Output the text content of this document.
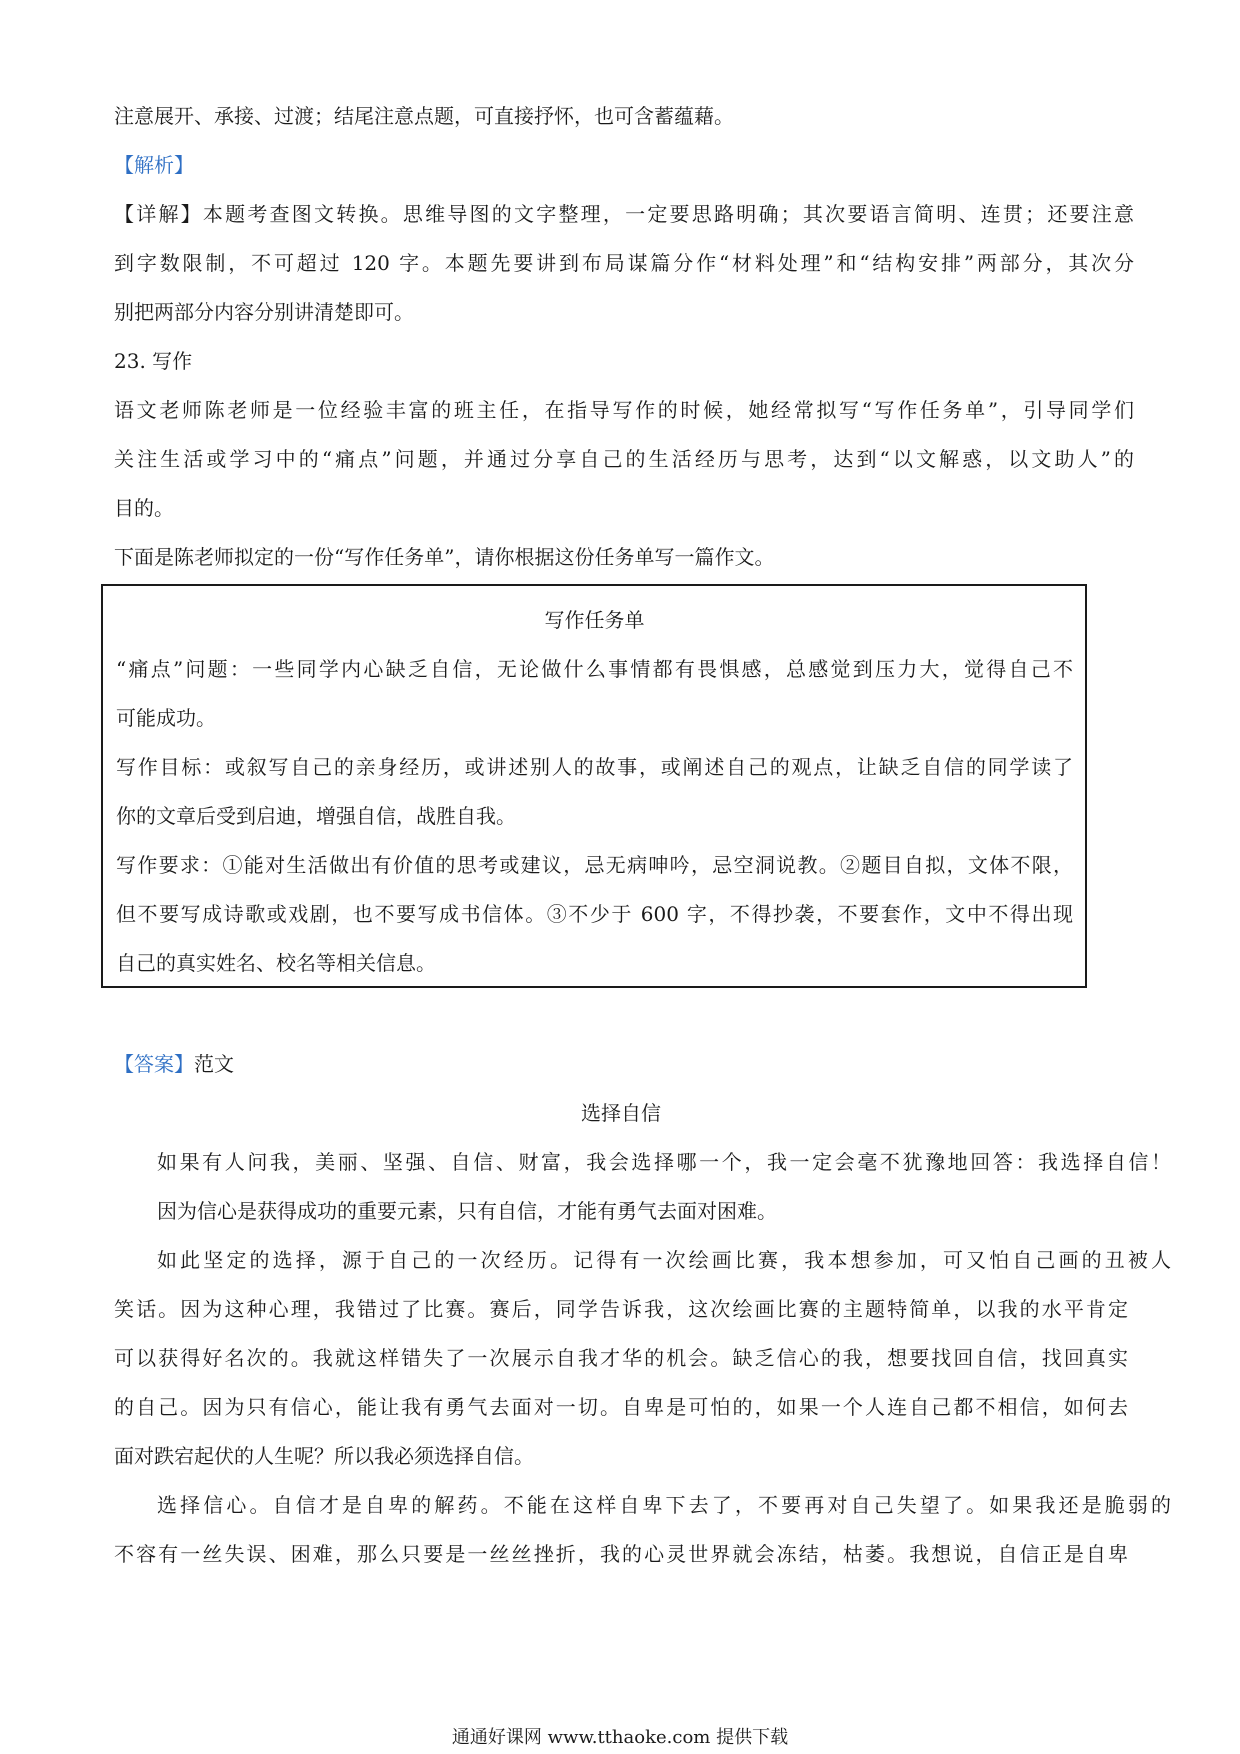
注意展开、承接、过渡；结尾注意点题，可直接抒怀，也可含蓄蕴藉。

【解析】

【详解】本题考查图文转换。思维导图的文字整理，一定要思路明确；其次要语言简明、连贯；还要注意

到字数限制，不可超过 120 字。本题先要讲到布局谋篇分作“材料处理”和“结构安排”两部分，其次分

别把两部分内容分别讲清楚即可。

23. 写作

语文老师陈老师是一位经验丰富的班主任，在指导写作的时候，她经常拟写“写作任务单”，引导同学们

关注生活或学习中的“痛点”问题，并通过分享自己的生活经历与思考，达到“以文解惑，以文助人”的

目的。

下面是陈老师拟定的一份“写作任务单”，请你根据这份任务单写一篇作文。

写作任务单

“痛点”问题：一些同学内心缺乏自信，无论做什么事情都有畏惧感，总感觉到压力大，觉得自己不

可能成功。

写作目标：或叙写自己的亲身经历，或讲述别人的故事，或阐述自己的观点，让缺乏自信的同学读了

你的文章后受到启迪，增强自信，战胜自我。

写作要求：①能对生活做出有价值的思考或建议，忌无病呻吟，忌空洞说教。②题目自拟，文体不限，

但不要写成诗歌或戏剧，也不要写成书信体。③不少于 600 字，不得抄袭，不要套作，文中不得出现

自己的真实姓名、校名等相关信息。

【答案】范文

选择自信

如果有人问我，美丽、坚强、自信、财富，我会选择哪一个，我一定会毫不犹豫地回答：我选择自信！

因为信心是获得成功的重要元素，只有自信，才能有勇气去面对困难。

如此坚定的选择，源于自己的一次经历。记得有一次绘画比赛，我本想参加，可又怕自己画的丑被人

笑话。因为这种心理，我错过了比赛。赛后，同学告诉我，这次绘画比赛的主题特简单，以我的水平肯定

可以获得好名次的。我就这样错失了一次展示自我才华的机会。缺乏信心的我，想要找回自信，找回真实

的自己。因为只有信心，能让我有勇气去面对一切。自卑是可怕的，如果一个人连自己都不相信，如何去

面对跌宕起伏的人生呢？所以我必须选择自信。

选择信心。自信才是自卑的解药。不能在这样自卑下去了，不要再对自己失望了。如果我还是脆弱的

不容有一丝失误、困难，那么只要是一丝丝挫折，我的心灵世界就会冻结，枯萎。我想说，自信正是自卑

通通好课网 www.tthaoke.com 提供下载
